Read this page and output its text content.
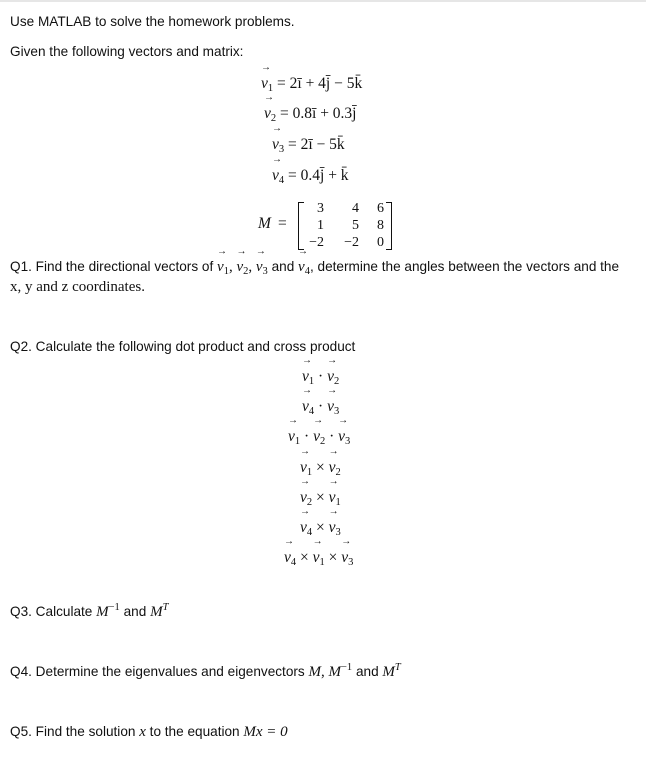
Use MATLAB to solve the homework problems.
Given the following vectors and matrix:
→ $v_1$ = 2ī + 4j̄ − 5k̄
→ $v_2$ = 0.8ī + 0.3j̄
→ $v_3$ = 2ī − 5k̄
→ $v_4$ = 0.4j̄ + k̄
M =
3	4	6
1	5	8
−2	−2	0
Q1. Find the directional vectors of → $v_1$, → $v_2$, → $v_3$ and → $v_4$, determine the angles between the vectors and the
x, y and z coordinates.
Q2. Calculate the following dot product and cross product
→ $v_1$ · → $v_2$
→ $v_4$ · → $v_3$
→ $v_1$ · → $v_2$ · → $v_3$
→ $v_1$ × → $v_2$
→ $v_2$ × → $v_1$
→ $v_4$ × → $v_3$
→ $v_4$ × → $v_1$ × → $v_3$
Q3. Calculate $M^{-1}$ and $M^T$
Q4. Determine the eigenvalues and eigenvectors M, $M^{-1}$ and $M^T$
Q5. Find the solution x to the equation Mx = 0
